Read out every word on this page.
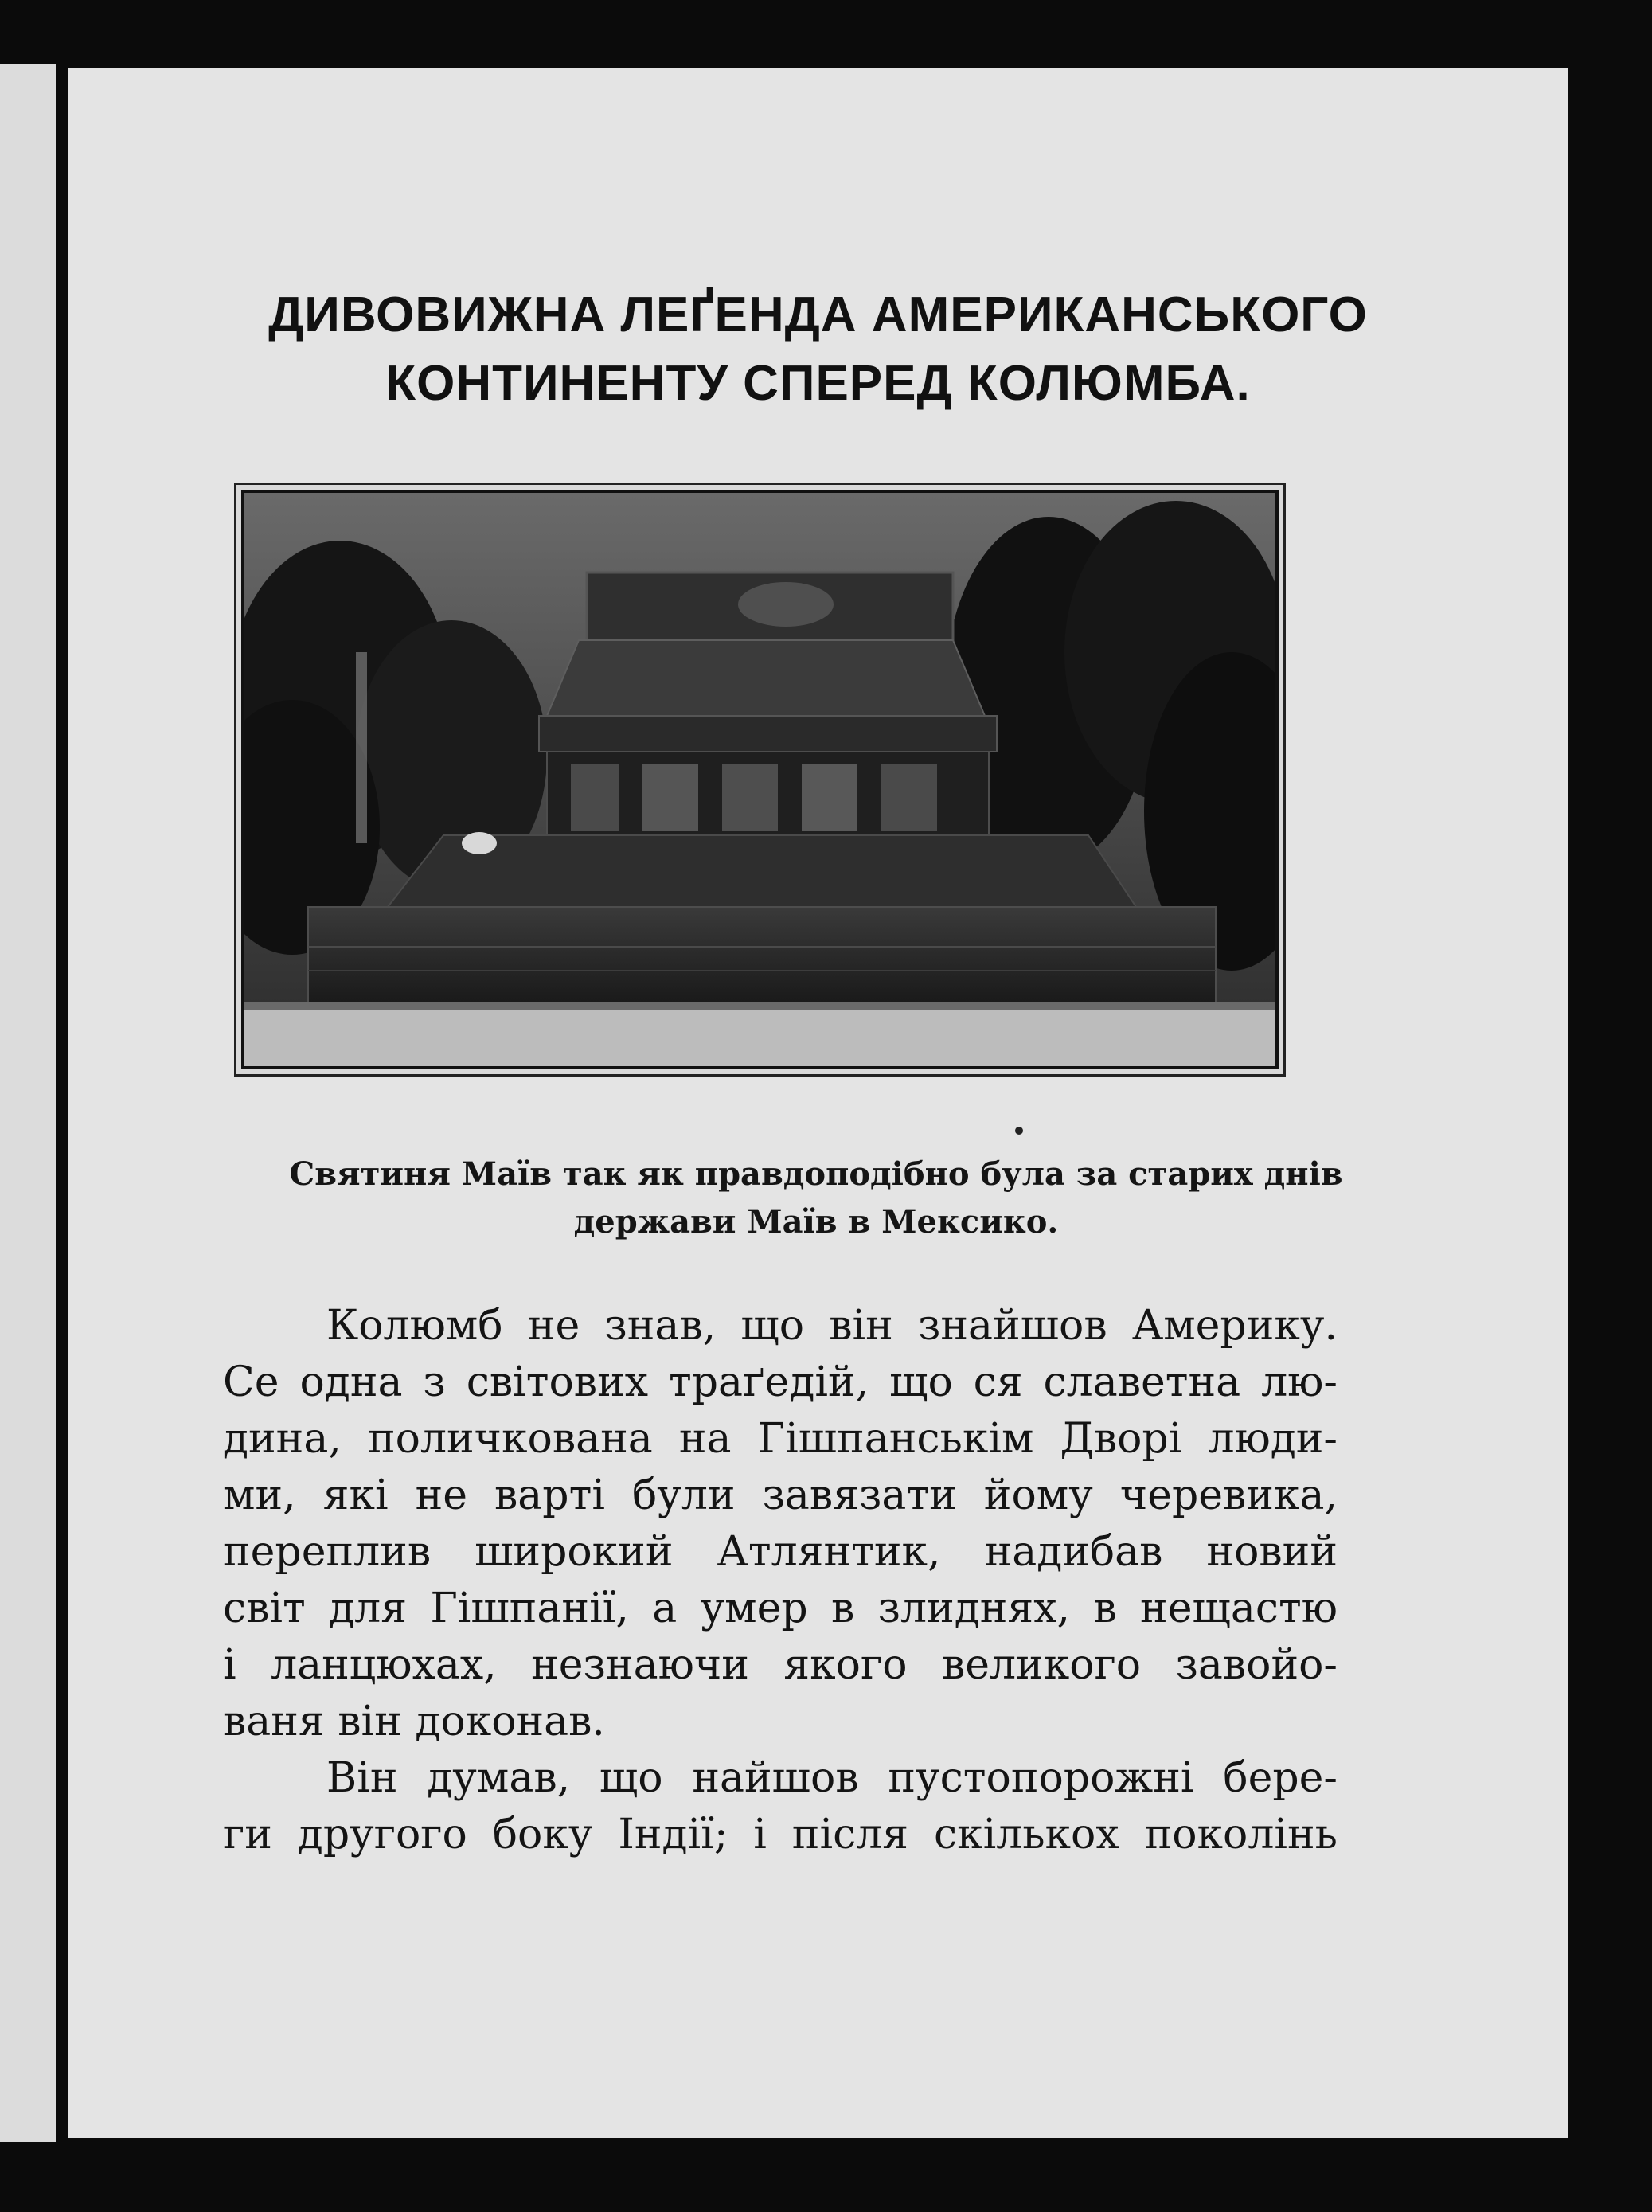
ДИВОВИЖНА ЛЕҐЕНДА АМЕРИКАНСЬКОГО
КОНТИНЕНТУ СПЕРЕД КОЛЮМБА.
Святиня Маїв так як правдоподібно була за старих днів
держави Маїв в Мексико.
Колюмб не знав, що він знайшов Америку.
Се одна з світових траґедій, що ся славетна лю-
дина, поличкована на Гішпанськім Дворі люди-
ми, які не варті були завязати йому черевика,
переплив широкий Атлянтик, надибав новий
світ для Гішпанії, а умер в злиднях, в нещастю
і ланцюхах, незнаючи якого великого завойо-
ваня він доконав.
Він думав, що найшов пустопорожні бере-
ги другого боку Індії; і після скількох поколінь
